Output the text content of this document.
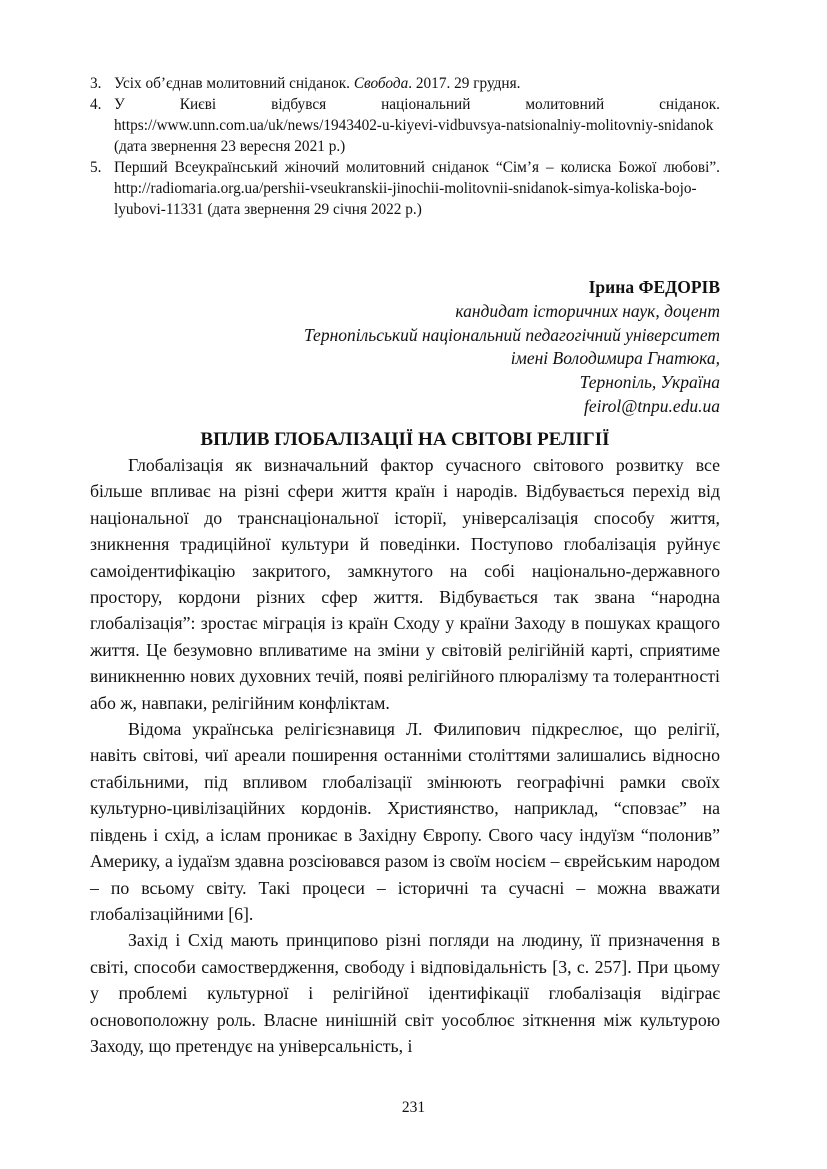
3. Усіх об’єднав молитовний сніданок. Свобода. 2017. 29 грудня.
4. У Києві відбувся національний молитовний сніданок. https://www.unn.com.ua/uk/news/1943402-u-kiyevi-vidbuvsya-natsionalniy-molitovniy-snidanok (дата звернення 23 вересня 2021 р.)
5. Перший Всеукраїнський жіночий молитовний сніданок “Сім’я – колиска Божої любові”. http://radiomaria.org.ua/pershii-vseukranskii-jinochii-molitovnii-snidanok-simya-koliska-bojo-lyubovi-11331 (дата звернення 29 січня 2022 р.)
Ірина ФЕДОРІВ
кандидат історичних наук, доцент
Тернопільський національний педагогічний університет
імені Володимира Гнатюка,
Тернопіль, Україна
feirol@tnpu.edu.ua
ВПЛИВ ГЛОБАЛІЗАЦІЇ НА СВІТОВІ РЕЛІГІЇ

Глобалізація як визначальний фактор сучасного світового розвитку все більше впливає на різні сфери життя країн і народів. Відбувається перехід від національної до транснаціональної історії, універсалізація способу життя, зникнення традиційної культури й поведінки. Поступово глобалізація руйнує самоідентифікацію закритого, замкнутого на собі національно-державного простору, кордони різних сфер життя. Відбувається так звана “народна глобалізація”: зростає міграція із країн Сходу у країни Заходу в пошуках кращого життя. Це безумовно впливатиме на зміни у світовій релігійній карті, сприятиме виникненню нових духовних течій, появі релігійного плюралізму та толерантності або ж, навпаки, релігійним конфліктам.

Відома українська релігієзнавиця Л. Филипович підкреслює, що релігії, навіть світові, чиї ареали поширення останніми століттями залишались відносно стабільними, під впливом глобалізації змінюють географічні рамки своїх культурно-цивілізаційних кордонів. Християнство, наприклад, “сповзає” на південь і схід, а іслам проникає в Західну Європу. Свого часу індуїзм “полонив” Америку, а іудаїзм здавна розсіювався разом із своїм носієм – єврейським народом – по всьому світу. Такі процеси – історичні та сучасні – можна вважати глобалізаційними [6].

Захід і Схід мають принципово різні погляди на людину, її призначення в світі, способи самоствердження, свободу і відповідальність [3, с. 257]. При цьому у проблемі культурної і релігійної ідентифікації глобалізація відіграє основоположну роль. Власне нинішній світ уособлює зіткнення між культурою Заходу, що претендує на універсальність, і

231
